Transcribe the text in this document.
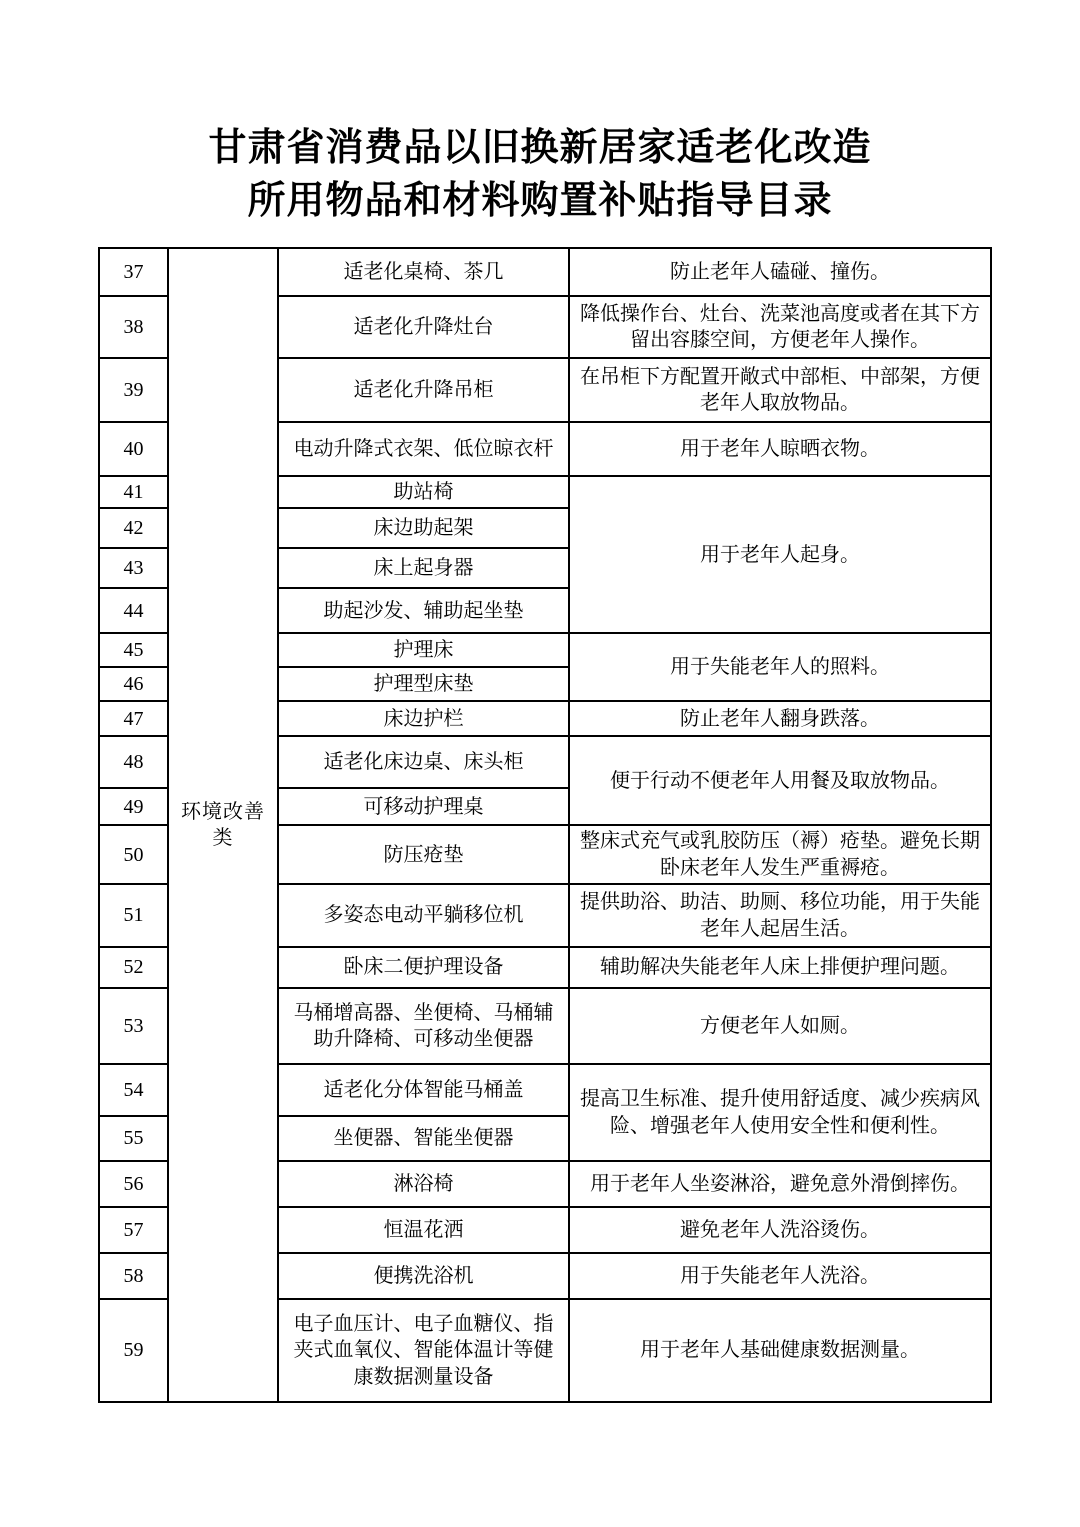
甘肃省消费品以旧换新居家适老化改造
所用物品和材料购置补贴指导目录
37	环境改善类	适老化桌椅、茶几	防止老年人磕碰、撞伤。
38		适老化升降灶台	降低操作台、灶台、洗菜池高度或者在其下方留出容膝空间，方便老年人操作。
39		适老化升降吊柜	在吊柜下方配置开敞式中部柜、中部架，方便老年人取放物品。
40		电动升降式衣架、低位晾衣杆	用于老年人晾晒衣物。
41		助站椅	用于老年人起身。
42		床边助起架	
43		床上起身器	
44		助起沙发、辅助起坐垫	
45		护理床	用于失能老年人的照料。
46		护理型床垫	
47		床边护栏	防止老年人翻身跌落。
48		适老化床边桌、床头柜	便于行动不便老年人用餐及取放物品。
49		可移动护理桌	
50		防压疮垫	整床式充气或乳胶防压（褥）疮垫。避免长期卧床老年人发生严重褥疮。
51		多姿态电动平躺移位机	提供助浴、助洁、助厕、移位功能，用于失能老年人起居生活。
52		卧床二便护理设备	辅助解决失能老年人床上排便护理问题。
53		马桶增高器、坐便椅、马桶辅助升降椅、可移动坐便器	方便老年人如厕。
54		适老化分体智能马桶盖	提高卫生标准、提升使用舒适度、减少疾病风险、增强老年人使用安全性和便利性。
55		坐便器、智能坐便器	
56		淋浴椅	用于老年人坐姿淋浴，避免意外滑倒摔伤。
57		恒温花洒	避免老年人洗浴烫伤。
58		便携洗浴机	用于失能老年人洗浴。
59		电子血压计、电子血糖仪、指夹式血氧仪、智能体温计等健康数据测量设备	用于老年人基础健康数据测量。
